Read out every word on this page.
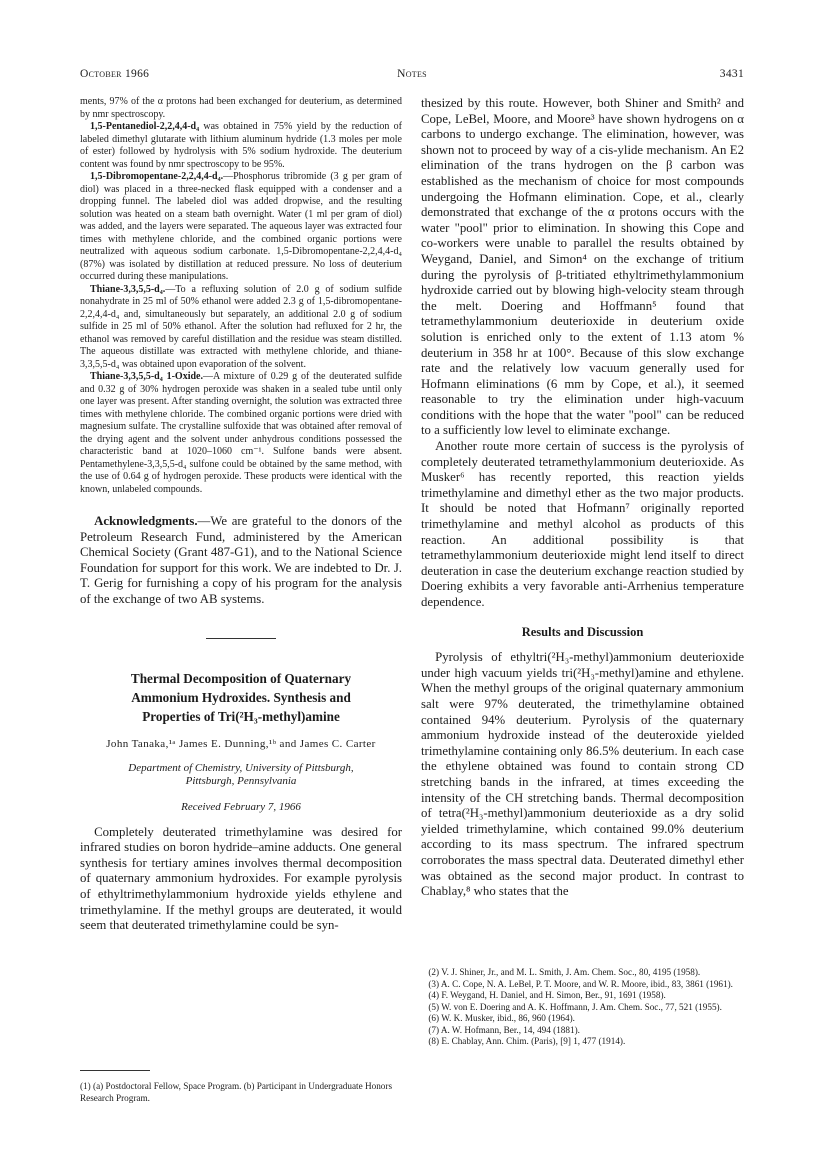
October 1966	Notes	3431

ments, 97% of the α protons had been exchanged for deuterium, as determined by nmr spectroscopy.

1,5-Pentanediol-2,2,4,4-d₄ was obtained in 75% yield by the reduction of labeled dimethyl glutarate with lithium aluminum hydride (1.3 moles per mole of ester) followed by hydrolysis with 5% sodium hydroxide. The deuterium content was found by nmr spectroscopy to be 95%.

1,5-Dibromopentane-2,2,4,4-d₄.—Phosphorus tribromide (3 g per gram of diol) was placed in a three-necked flask equipped with a condenser and a dropping funnel. The labeled diol was added dropwise, and the resulting solution was heated on a steam bath overnight. Water (1 ml per gram of diol) was added, and the layers were separated. The aqueous layer was extracted four times with methylene chloride, and the combined organic portions were neutralized with aqueous sodium carbonate. 1,5-Dibromopentane-2,2,4,4-d₄ (87%) was isolated by distillation at reduced pressure. No loss of deuterium occurred during these manipulations.

Thiane-3,3,5,5-d₄.—To a refluxing solution of 2.0 g of sodium sulfide nonahydrate in 25 ml of 50% ethanol were added 2.3 g of 1,5-dibromopentane-2,2,4,4-d₄ and, simultaneously but separately, an additional 2.0 g of sodium sulfide in 25 ml of 50% ethanol. After the solution had refluxed for 2 hr, the ethanol was removed by careful distillation and the residue was steam distilled. The aqueous distillate was extracted with methylene chloride, and thiane-3,3,5,5-d₄ was obtained upon evaporation of the solvent.

Thiane-3,3,5,5-d₄ 1-Oxide.—A mixture of 0.29 g of the deuterated sulfide and 0.32 g of 30% hydrogen peroxide was shaken in a sealed tube until only one layer was present. After standing overnight, the solution was extracted three times with methylene chloride. The combined organic portions were dried with magnesium sulfate. The crystalline sulfoxide that was obtained after removal of the drying agent and the solvent under anhydrous conditions possessed the characteristic band at 1020–1060 cm⁻¹. Sulfone bands were absent. Pentamethylene-3,3,5,5-d₄ sulfone could be obtained by the same method, with the use of 0.64 g of hydrogen peroxide. These products were identical with the known, unlabeled compounds.

Acknowledgments.—We are grateful to the donors of the Petroleum Research Fund, administered by the American Chemical Society (Grant 487-G1), and to the National Science Foundation for support for this work. We are indebted to Dr. J. T. Gerig for furnishing a copy of his program for the analysis of the exchange of two AB systems.

Thermal Decomposition of Quaternary

Ammonium Hydroxides. Synthesis and

Properties of Tri(²H₃-methyl)amine

John Tanaka,¹ᵃ James E. Dunning,¹ᵇ and James C. Carter
Department of Chemistry, University of Pittsburgh,
Pittsburgh, Pennsylvania
Received February 7, 1966

Completely deuterated trimethylamine was desired for infrared studies on boron hydride–amine adducts. One general synthesis for tertiary amines involves thermal decomposition of quaternary ammonium hydroxides. For example pyrolysis of ethyltrimethylammonium hydroxide yields ethylene and trimethylamine. If the methyl groups are deuterated, it would seem that deuterated trimethylamine could be syn-

(1) (a) Postdoctoral Fellow, Space Program. (b) Participant in Undergraduate Honors Research Program.

thesized by this route. However, both Shiner and Smith² and Cope, LeBel, Moore, and Moore³ have shown hydrogens on α carbons to undergo exchange. The elimination, however, was shown not to proceed by way of a cis-ylide mechanism. An E2 elimination of the trans hydrogen on the β carbon was established as the mechanism of choice for most compounds undergoing the Hofmann elimination. Cope, et al., clearly demonstrated that exchange of the α protons occurs with the water "pool" prior to elimination. In showing this Cope and co-workers were unable to parallel the results obtained by Weygand, Daniel, and Simon⁴ on the exchange of tritium during the pyrolysis of β-tritiated ethyltrimethylammonium hydroxide carried out by blowing high-velocity steam through the melt. Doering and Hoffmann⁵ found that tetramethylammonium deuterioxide in deuterium oxide solution is enriched only to the extent of 1.13 atom % deuterium in 358 hr at 100°. Because of this slow exchange rate and the relatively low vacuum generally used for Hofmann eliminations (6 mm by Cope, et al.), it seemed reasonable to try the elimination under high-vacuum conditions with the hope that the water "pool" can be reduced to a sufficiently low level to eliminate exchange.

Another route more certain of success is the pyrolysis of completely deuterated tetramethylammonium deuterioxide. As Musker⁶ has recently reported, this reaction yields trimethylamine and dimethyl ether as the two major products. It should be noted that Hofmann⁷ originally reported trimethylamine and methyl alcohol as products of this reaction. An additional possibility is that tetramethylammonium deuterioxide might lend itself to direct deuteration in case the deuterium exchange reaction studied by Doering exhibits a very favorable anti-Arrhenius temperature dependence.

Results and Discussion

Pyrolysis of ethyltri(²H₃-methyl)ammonium deuterioxide under high vacuum yields tri(²H₃-methyl)amine and ethylene. When the methyl groups of the original quaternary ammonium salt were 97% deuterated, the trimethylamine obtained contained 94% deuterium. Pyrolysis of the quaternary ammonium hydroxide instead of the deuteroxide yielded trimethylamine containing only 86.5% deuterium. In each case the ethylene obtained was found to contain strong CD stretching bands in the infrared, at times exceeding the intensity of the CH stretching bands. Thermal decomposition of tetra(²H₃-methyl)ammonium deuterioxide as a dry solid yielded trimethylamine, which contained 99.0% deuterium according to its mass spectrum. The infrared spectrum corroborates the mass spectral data. Deuterated dimethyl ether was obtained as the second major product. In contrast to Chablay,⁸ who states that the

(2) V. J. Shiner, Jr., and M. L. Smith, J. Am. Chem. Soc., 80, 4195 (1958).
(3) A. C. Cope, N. A. LeBel, P. T. Moore, and W. R. Moore, ibid., 83, 3861 (1961).
(4) F. Weygand, H. Daniel, and H. Simon, Ber., 91, 1691 (1958).
(5) W. von E. Doering and A. K. Hoffmann, J. Am. Chem. Soc., 77, 521 (1955).
(6) W. K. Musker, ibid., 86, 960 (1964).
(7) A. W. Hofmann, Ber., 14, 494 (1881).
(8) E. Chablay, Ann. Chim. (Paris), [9] 1, 477 (1914).
